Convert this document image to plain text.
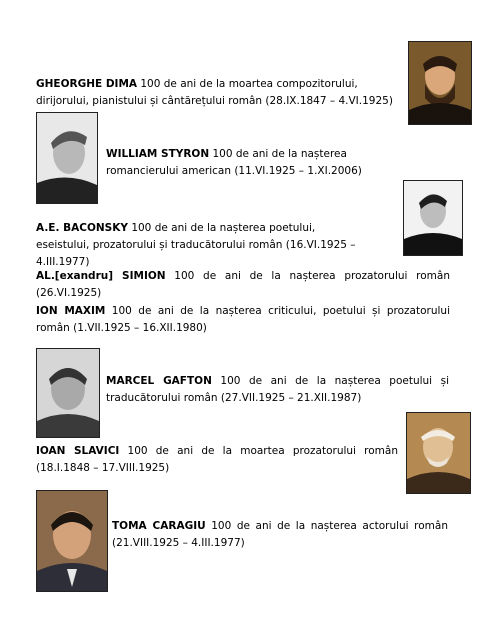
GHEORGHE DIMA 100 de ani de la moartea compozitorului, dirijorului, pianistului și cântărețului român (28.IX.1847 – 4.VI.1925)

WILLIAM STYRON 100 de ani de la nașterea romancierului american (11.VI.1925 – 1.XI.2006)

A.E. BACONSKY 100 de ani de la nașterea poetului, eseistului, prozatorului și traducătorului român (16.VI.1925 – 4.III.1977)

AL.[exandru] SIMION 100 de ani de la nașterea prozatorului român (26.VI.1925)

ION MAXIM 100 de ani de la nașterea criticului, poetului și prozatorului român (1.VII.1925 – 16.XII.1980)

MARCEL GAFTON 100 de ani de la nașterea poetului și traducătorului român (27.VII.1925 – 21.XII.1987)

IOAN SLAVICI 100 de ani de la moartea prozatorului român (18.I.1848 – 17.VIII.1925)

TOMA CARAGIU 100 de ani de la nașterea actorului român (21.VIII.1925 – 4.III.1977)
